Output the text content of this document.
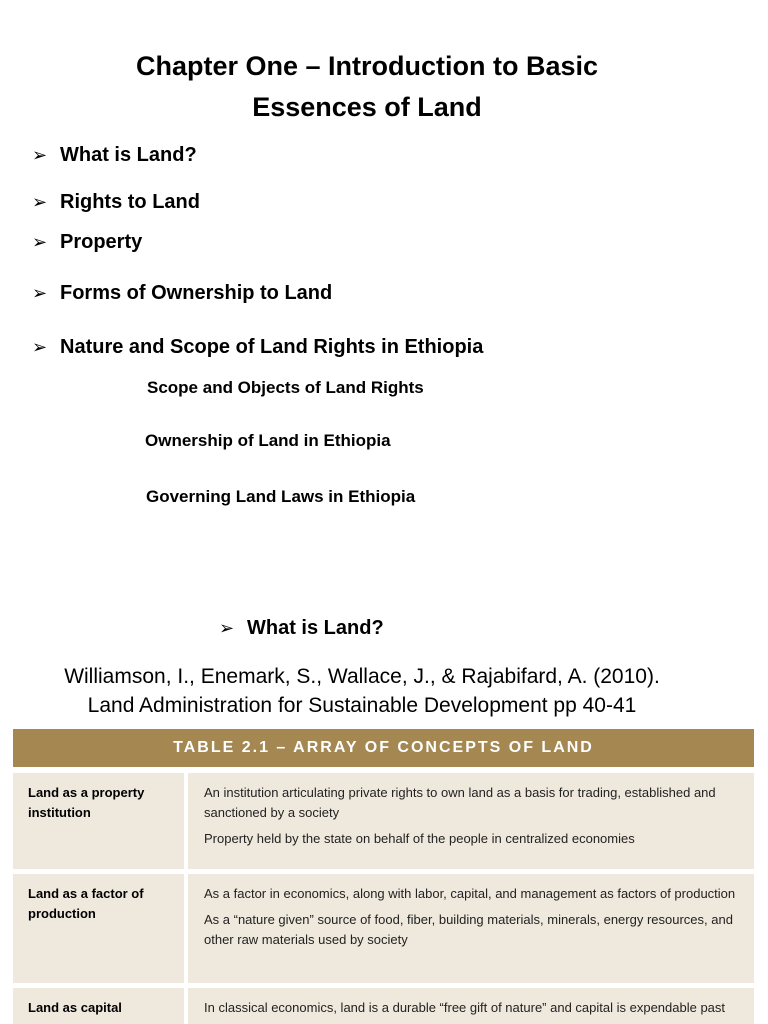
Chapter One – Introduction to Basic
Essences of Land
➢ What is Land?
➢ Rights to Land
➢ Property
➢ Forms of Ownership to Land
➢ Nature and Scope of Land Rights in Ethiopia
Scope and Objects of Land Rights
Ownership of Land in Ethiopia
Governing Land Laws in Ethiopia
➢ What is Land?
Williamson, I., Enemark, S., Wallace, J., & Rajabifard, A. (2010).
Land Administration for Sustainable Development pp 40-41
TABLE 2.1 – ARRAY OF CONCEPTS OF LAND
Land as a property institution

An institution articulating private rights to own land as a basis for trading, established and sanctioned by a society

Property held by the state on behalf of the people in centralized economies

Land as a factor of production

As a factor in economics, along with labor, capital, and management as factors of production

As a “nature given” source of food, fiber, building materials, minerals, energy resources, and other raw materials used by society

Land as capital	In classical economics, land is a durable “free gift of nature” and capital is expendable past
